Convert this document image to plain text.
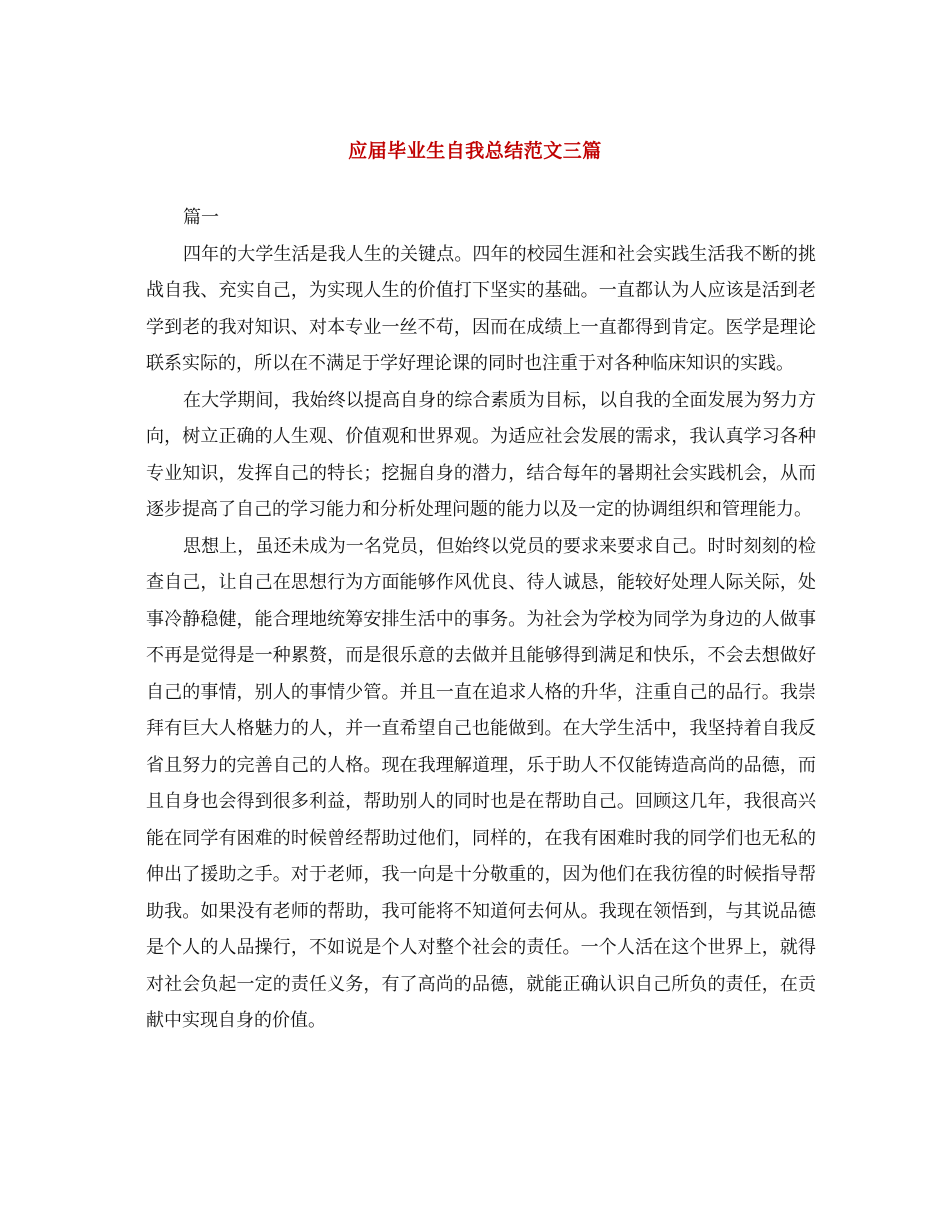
应届毕业生自我总结范文三篇

篇一

四年的大学生活是我人生的关键点。四年的校园生涯和社会实践生活我不断的挑战自我、充实自己，为实现人生的价值打下坚实的基础。一直都认为人应该是活到老学到老的我对知识、对本专业一丝不苟，因而在成绩上一直都得到肯定。医学是理论联系实际的，所以在不满足于学好理论课的同时也注重于对各种临床知识的实践。

在大学期间，我始终以提高自身的综合素质为目标，以自我的全面发展为努力方向，树立正确的人生观、价值观和世界观。为适应社会发展的需求，我认真学习各种专业知识，发挥自己的特长；挖掘自身的潜力，结合每年的暑期社会实践机会，从而逐步提高了自己的学习能力和分析处理问题的能力以及一定的协调组织和管理能力。

思想上，虽还未成为一名党员，但始终以党员的要求来要求自己。时时刻刻的检查自己，让自己在思想行为方面能够作风优良、待人诚恳，能较好处理人际关际，处事冷静稳健，能合理地统筹安排生活中的事务。为社会为学校为同学为身边的人做事不再是觉得是一种累赘，而是很乐意的去做并且能够得到满足和快乐，不会去想做好自己的事情，别人的事情少管。并且一直在追求人格的升华，注重自己的品行。我崇拜有巨大人格魅力的人，并一直希望自己也能做到。在大学生活中，我坚持着自我反省且努力的完善自己的人格。现在我理解道理，乐于助人不仅能铸造高尚的品德，而且自身也会得到很多利益，帮助别人的同时也是在帮助自己。回顾这几年，我很高兴能在同学有困难的时候曾经帮助过他们，同样的，在我有困难时我的同学们也无私的伸出了援助之手。对于老师，我一向是十分敬重的，因为他们在我彷徨的时候指导帮助我。如果没有老师的帮助，我可能将不知道何去何从。我现在领悟到，与其说品德是个人的人品操行，不如说是个人对整个社会的责任。一个人活在这个世界上，就得对社会负起一定的责任义务，有了高尚的品德，就能正确认识自己所负的责任，在贡献中实现自身的价值。
